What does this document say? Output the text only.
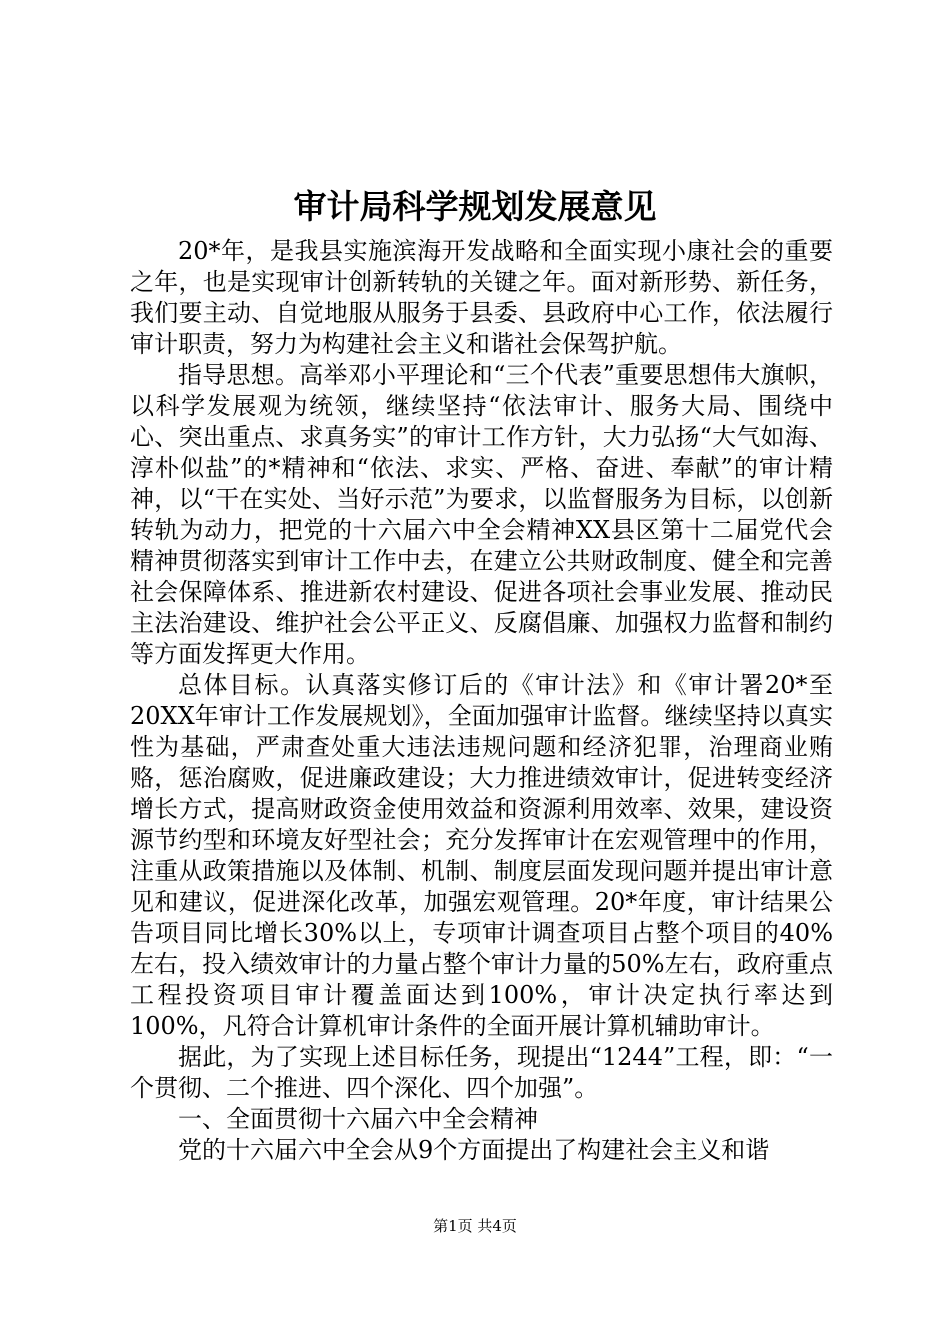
审计局科学规划发展意见

20*年，是我县实施滨海开发战略和全面实现小康社会的重要之年，也是实现审计创新转轨的关键之年。面对新形势、新任务，我们要主动、自觉地服从服务于县委、县政府中心工作，依法履行审计职责，努力为构建社会主义和谐社会保驾护航。

指导思想。高举邓小平理论和“三个代表”重要思想伟大旗帜，以科学发展观为统领，继续坚持“依法审计、服务大局、围绕中心、突出重点、求真务实”的审计工作方针，大力弘扬“大气如海、淳朴似盐”的*精神和“依法、求实、严格、奋进、奉献”的审计精神，以“干在实处、当好示范”为要求，以监督服务为目标，以创新转轨为动力，把党的十六届六中全会精神XX县区第十二届党代会精神贯彻落实到审计工作中去，在建立公共财政制度、健全和完善社会保障体系、推进新农村建设、促进各项社会事业发展、推动民主法治建设、维护社会公平正义、反腐倡廉、加强权力监督和制约等方面发挥更大作用。

总体目标。认真落实修订后的《审计法》和《审计署20*至20XX年审计工作发展规划》，全面加强审计监督。继续坚持以真实性为基础，严肃查处重大违法违规问题和经济犯罪，治理商业贿赂，惩治腐败，促进廉政建设；大力推进绩效审计，促进转变经济增长方式，提高财政资金使用效益和资源利用效率、效果，建设资源节约型和环境友好型社会；充分发挥审计在宏观管理中的作用，注重从政策措施以及体制、机制、制度层面发现问题并提出审计意见和建议，促进深化改革，加强宏观管理。20*年度，审计结果公告项目同比增长30%以上，专项审计调查项目占整个项目的40%左右，投入绩效审计的力量占整个审计力量的50%左右，政府重点工程投资项目审计覆盖面达到100%，审计决定执行率达到100%，凡符合计算机审计条件的全面开展计算机辅助审计。

据此，为了实现上述目标任务，现提出“1244”工程，即：“一个贯彻、二个推进、四个深化、四个加强”。

一、全面贯彻十六届六中全会精神

党的十六届六中全会从9个方面提出了构建社会主义和谐

第1页 共4页
